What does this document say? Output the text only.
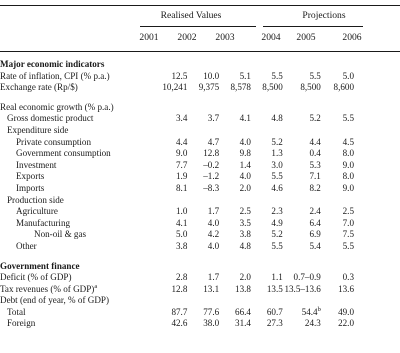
Realised Values	Projections
2001	2002	2003	2004	2005	2006
Major economic indicators						
Rate of inflation, CPI (% p.a.)	12.5	10.0	5.1	5.5	5.5	5.0
Exchange rate (Rp/$)	10,241	9,375	8,578	8,500	8,500	8,600

Real economic growth (% p.a.)						
Gross domestic product	3.4	3.7	4.1	4.8	5.2	5.5
Expenditure side						
Private consumption	4.4	4.7	4.0	5.2	4.4	4.5
Government consumption	9.0	12.8	9.8	1.3	0.4	8.0
Investment	7.7	–0.2	1.4	3.0	5.3	9.0
Exports	1.9	–1.2	4.0	5.5	7.1	8.0
Imports	8.1	–8.3	2.0	4.6	8.2	9.0
Production side						
Agriculture	1.0	1.7	2.5	2.3	2.4	2.5
Manufacturing	4.1	4.0	3.5	4.9	6.4	7.0
Non-oil & gas	5.0	4.2	3.8	5.2	6.9	7.5
Other	3.8	4.0	4.8	5.5	5.4	5.5

Government finance						
Deficit (% of GDP)	2.8	1.7	2.0	1.1	0.7–0.9	0.3
Tax revenues (% of GDP)$^a$	12.8	13.1	13.8	13.5	13.5–13.6	13.6
Debt (end of year, % of GDP)						
Total	87.7	77.6	66.4	60.7	54.4$^b$	49.0
Foreign	42.6	38.0	31.4	27.3	24.3	22.0
